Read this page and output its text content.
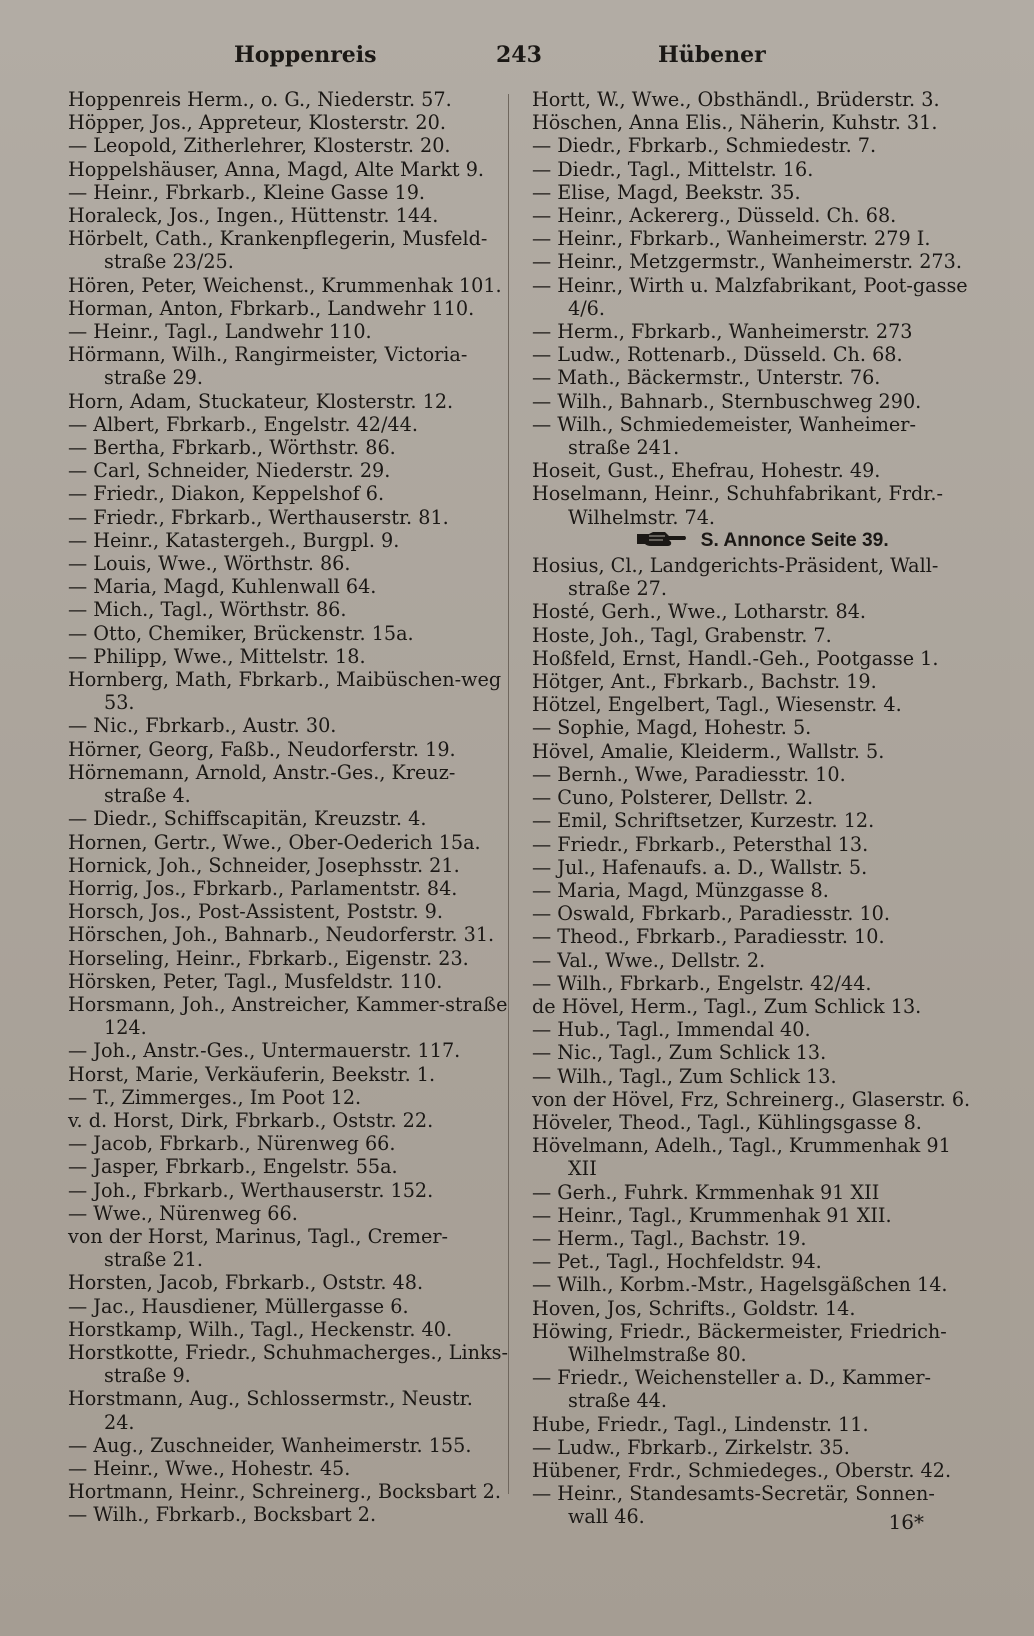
Hoppenreis	243	Hübener
Hoppenreis Herm., o. G., Niederstr. 57.
Höpper, Jos., Appreteur, Klosterstr. 20.
— Leopold, Zitherlehrer, Klosterstr. 20.
Hoppelshäuser, Anna, Magd, Alte Markt 9.
— Heinr., Fbrkarb., Kleine Gasse 19.
Horaleck, Jos., Ingen., Hüttenstr. 144.
Hörbelt, Cath., Krankenpflegerin, Musfeld-straße 23/25.
Hören, Peter, Weichenst., Krummenhak 101.
Horman, Anton, Fbrkarb., Landwehr 110.
— Heinr., Tagl., Landwehr 110.
Hörmann, Wilh., Rangirmeister, Victoria-straße 29.
Horn, Adam, Stuckateur, Klosterstr. 12.
— Albert, Fbrkarb., Engelstr. 42/44.
— Bertha, Fbrkarb., Wörthstr. 86.
— Carl, Schneider, Niederstr. 29.
— Friedr., Diakon, Keppelshof 6.
— Friedr., Fbrkarb., Werthauserstr. 81.
— Heinr., Katastergeh., Burgpl. 9.
— Louis, Wwe., Wörthstr. 86.
— Maria, Magd, Kuhlenwall 64.
— Mich., Tagl., Wörthstr. 86.
— Otto, Chemiker, Brückenstr. 15a.
— Philipp, Wwe., Mittelstr. 18.
Hornberg, Math, Fbrkarb., Maibüschen-weg 53.
— Nic., Fbrkarb., Austr. 30.
Hörner, Georg, Faßb., Neudorferstr. 19.
Hörnemann, Arnold, Anstr.-Ges., Kreuz-straße 4.
— Diedr., Schiffscapitän, Kreuzstr. 4.
Hornen, Gertr., Wwe., Ober-Oederich 15a.
Hornick, Joh., Schneider, Josephsstr. 21.
Horrig, Jos., Fbrkarb., Parlamentstr. 84.
Horsch, Jos., Post-Assistent, Poststr. 9.
Hörschen, Joh., Bahnarb., Neudorferstr. 31.
Horseling, Heinr., Fbrkarb., Eigenstr. 23.
Hörsken, Peter, Tagl., Musfeldstr. 110.
Horsmann, Joh., Anstreicher, Kammer-straße 124.
— Joh., Anstr.-Ges., Untermauerstr. 117.
Horst, Marie, Verkäuferin, Beekstr. 1.
— T., Zimmerges., Im Poot 12.
v. d. Horst, Dirk, Fbrkarb., Oststr. 22.
— Jacob, Fbrkarb., Nürenweg 66.
— Jasper, Fbrkarb., Engelstr. 55a.
— Joh., Fbrkarb., Werthauserstr. 152.
— Wwe., Nürenweg 66.
von der Horst, Marinus, Tagl., Cremer-straße 21.
Horsten, Jacob, Fbrkarb., Oststr. 48.
— Jac., Hausdiener, Müllergasse 6.
Horstkamp, Wilh., Tagl., Heckenstr. 40.
Horstkotte, Friedr., Schuhmacherges., Links-straße 9.
Horstmann, Aug., Schlossermstr., Neustr. 24.
— Aug., Zuschneider, Wanheimerstr. 155.
— Heinr., Wwe., Hohestr. 45.
Hortmann, Heinr., Schreinerg., Bocksbart 2.
— Wilh., Fbrkarb., Bocksbart 2.
Hortt, W., Wwe., Obsthändl., Brüderstr. 3.
Höschen, Anna Elis., Näherin, Kuhstr. 31.
— Diedr., Fbrkarb., Schmiedestr. 7.
— Diedr., Tagl., Mittelstr. 16.
— Elise, Magd, Beekstr. 35.
— Heinr., Ackererg., Düsseld. Ch. 68.
— Heinr., Fbrkarb., Wanheimerstr. 279 I.
— Heinr., Metzgermstr., Wanheimerstr. 273.
— Heinr., Wirth u. Malzfabrikant, Poot-gasse 4/6.
— Herm., Fbrkarb., Wanheimerstr. 273
— Ludw., Rottenarb., Düsseld. Ch. 68.
— Math., Bäckermstr., Unterstr. 76.
— Wilh., Bahnarb., Sternbuschweg 290.
— Wilh., Schmiedemeister, Wanheimer-straße 241.
Hoseit, Gust., Ehefrau, Hohestr. 49.
Hoselmann, Heinr., Schuhfabrikant, Frdr.-Wilhelmstr. 74.
S. Annonce Seite 39.
Hosius, Cl., Landgerichts-Präsident, Wall-straße 27.
Hosté, Gerh., Wwe., Lotharstr. 84.
Hoste, Joh., Tagl, Grabenstr. 7.
Hoßfeld, Ernst, Handl.-Geh., Pootgasse 1.
Hötger, Ant., Fbrkarb., Bachstr. 19.
Hötzel, Engelbert, Tagl., Wiesenstr. 4.
— Sophie, Magd, Hohestr. 5.
Hövel, Amalie, Kleiderm., Wallstr. 5.
— Bernh., Wwe, Paradiesstr. 10.
— Cuno, Polsterer, Dellstr. 2.
— Emil, Schriftsetzer, Kurzestr. 12.
— Friedr., Fbrkarb., Petersthal 13.
— Jul., Hafenaufs. a. D., Wallstr. 5.
— Maria, Magd, Münzgasse 8.
— Oswald, Fbrkarb., Paradiesstr. 10.
— Theod., Fbrkarb., Paradiesstr. 10.
— Val., Wwe., Dellstr. 2.
— Wilh., Fbrkarb., Engelstr. 42/44.
de Hövel, Herm., Tagl., Zum Schlick 13.
— Hub., Tagl., Immendal 40.
— Nic., Tagl., Zum Schlick 13.
— Wilh., Tagl., Zum Schlick 13.
von der Hövel, Frz, Schreinerg., Glaserstr. 6.
Höveler, Theod., Tagl., Kühlingsgasse 8.
Hövelmann, Adelh., Tagl., Krummenhak 91 XII
— Gerh., Fuhrk. Krmmenhak 91 XII
— Heinr., Tagl., Krummenhak 91 XII.
— Herm., Tagl., Bachstr. 19.
— Pet., Tagl., Hochfeldstr. 94.
— Wilh., Korbm.-Mstr., Hagelsgäßchen 14.
Hoven, Jos, Schrifts., Goldstr. 14.
Höwing, Friedr., Bäckermeister, Friedrich-Wilhelmstraße 80.
— Friedr., Weichensteller a. D., Kammer-straße 44.
Hube, Friedr., Tagl., Lindenstr. 11.
— Ludw., Fbrkarb., Zirkelstr. 35.
Hübener, Frdr., Schmiedeges., Oberstr. 42.
— Heinr., Standesamts-Secretär, Sonnen-wall 46.	16*
